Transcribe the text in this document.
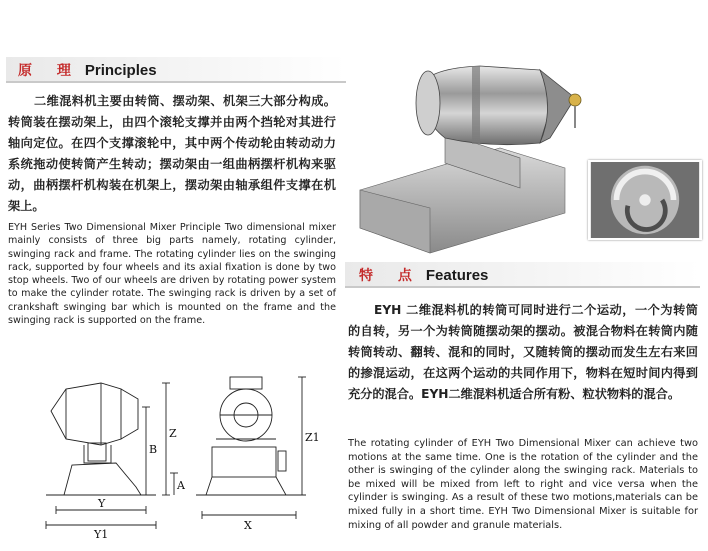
原 理 Principles
二维混料机主要由转筒、摆动架、机架三大部分构成。转筒装在摆动架上，由四个滚轮支撑并由两个挡轮对其进行轴向定位。在四个支撑滚轮中，其中两个传动轮由转动动力系统拖动使转筒产生转动；摆动架由一组曲柄摆杆机构来驱动，曲柄摆杆机构装在机架上，摆动架由轴承组件支撑在机架上。
EYH Series Two Dimensional Mixer Principle Two dimensional mixer mainly consists of three big parts namely, rotating cylinder, swinging rack and frame. The rotating cylinder lies on the swinging rack, supported by four wheels and its axial fixation is done by two stop wheels. Two of our wheels are driven by rotating power system to make the cylinder rotate. The swinging rack is driven by a set of crankshaft swinging bar which is mounted on the frame and the swinging rack is supported on the frame.
特 点 Features
EYH 二维混料机的转筒可同时进行二个运动，一个为转筒的自转，另一个为转筒随摆动架的摆动。被混合物料在转筒内随转筒转动、翻转、混和的同时，又随转筒的摆动而发生左右来回的掺混运动，在这两个运动的共同作用下，物料在短时间内得到充分的混合。EYH二维混料机适合所有粉、粒状物料的混合。
The rotating cylinder of EYH Two Dimensional Mixer can achieve two motions at the same time. One is the rotation of the cylinder and the other is swinging of the cylinder along the swinging rack. Materials to be mixed will be mixed from left to right and vice versa when the cylinder is swinging. As a result of these two motions,materials can be mixed fully in a short time. EYH Two Dimensional Mixer is suitable for mixing of all powder and granule materials.
Z
B
A
Y
Y1
Z1
X
